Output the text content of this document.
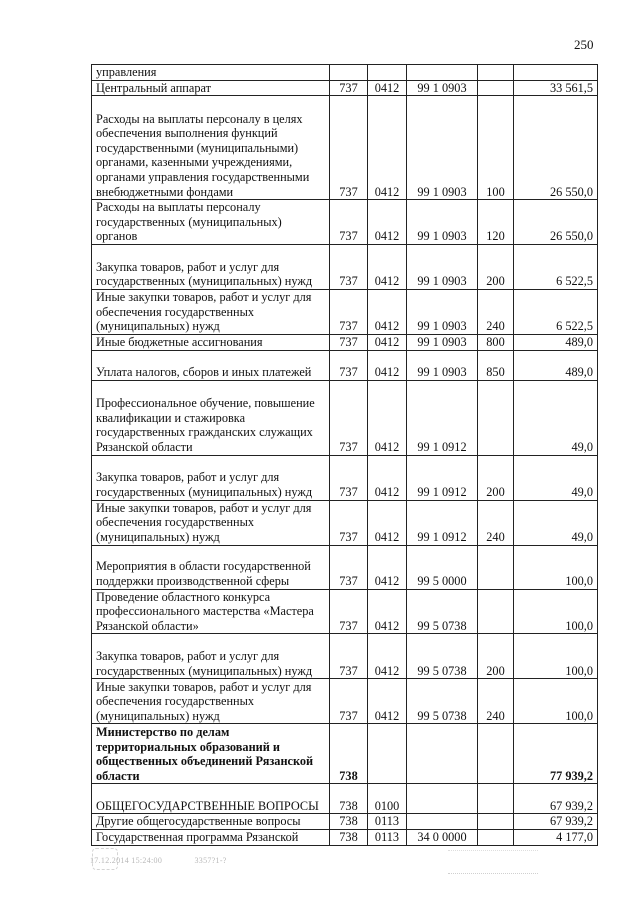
250
управления					
Центральный аппарат	737	0412	99 1 0903		33 561,5
Расходы на выплаты персоналу в целях обеспечения выполнения функций государственными (муниципальными) органами, казенными учреждениями, органами управления государственными внебюджетными фондами	737	0412	99 1 0903	100	26 550,0
Расходы на выплаты персоналу государственных (муниципальных) органов	737	0412	99 1 0903	120	26 550,0
Закупка товаров, работ и услуг для государственных (муниципальных) нужд	737	0412	99 1 0903	200	6 522,5
Иные закупки товаров, работ и услуг для обеспечения государственных (муниципальных) нужд	737	0412	99 1 0903	240	6 522,5
Иные бюджетные ассигнования	737	0412	99 1 0903	800	489,0
Уплата налогов, сборов и иных платежей	737	0412	99 1 0903	850	489,0
Профессиональное обучение, повышение квалификации и стажировка государственных гражданских служащих Рязанской области	737	0412	99 1 0912		49,0
Закупка товаров, работ и услуг для государственных (муниципальных) нужд	737	0412	99 1 0912	200	49,0
Иные закупки товаров, работ и услуг для обеспечения государственных (муниципальных) нужд	737	0412	99 1 0912	240	49,0
Мероприятия в области государственной поддержки производственной сферы	737	0412	99 5 0000		100,0
Проведение областного конкурса профессионального мастерства «Мастера Рязанской области»	737	0412	99 5 0738		100,0
Закупка товаров, работ и услуг для государственных (муниципальных) нужд	737	0412	99 5 0738	200	100,0
Иные закупки товаров, работ и услуг для обеспечения государственных (муниципальных) нужд	737	0412	99 5 0738	240	100,0
Министерство по делам территориальных образований и общественных объединений Рязанской области	738				77 939,2
ОБЩЕГОСУДАРСТВЕННЫЕ ВОПРОСЫ	738	0100			67 939,2
Другие общегосударственные вопросы	738	0113			67 939,2
Государственная программа Рязанской	738	0113	34 0 0000		4 177,0
17.12.2014 15:24:00	3357?1-?
